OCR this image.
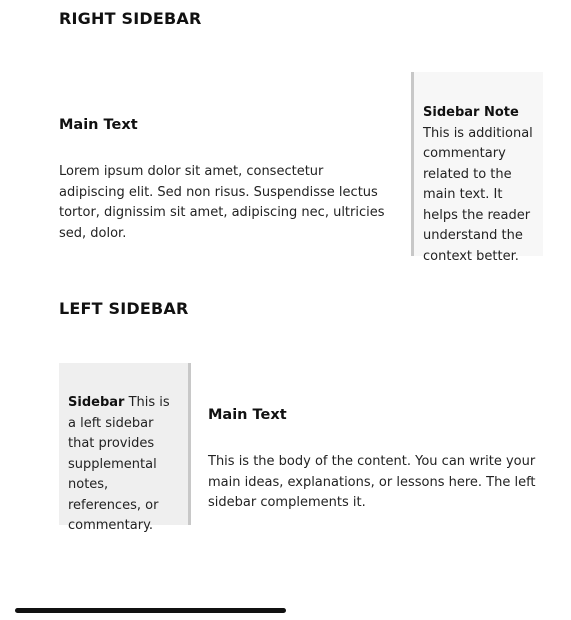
RIGHT SIDEBAR
Main Text

Lorem ipsum dolor sit amet, consectetur adipiscing elit. Sed non risus. Suspendisse lectus tortor, dignissim sit amet, adipiscing nec, ultricies sed, dolor.

Sidebar Note This is additional commentary related to the main text. It helps the reader understand the context better.
LEFT SIDEBAR
Sidebar This is a left sidebar that provides supplemental notes, references, or commentary.
Main Text

This is the body of the content. You can write your main ideas, explanations, or lessons here. The left sidebar complements it.
